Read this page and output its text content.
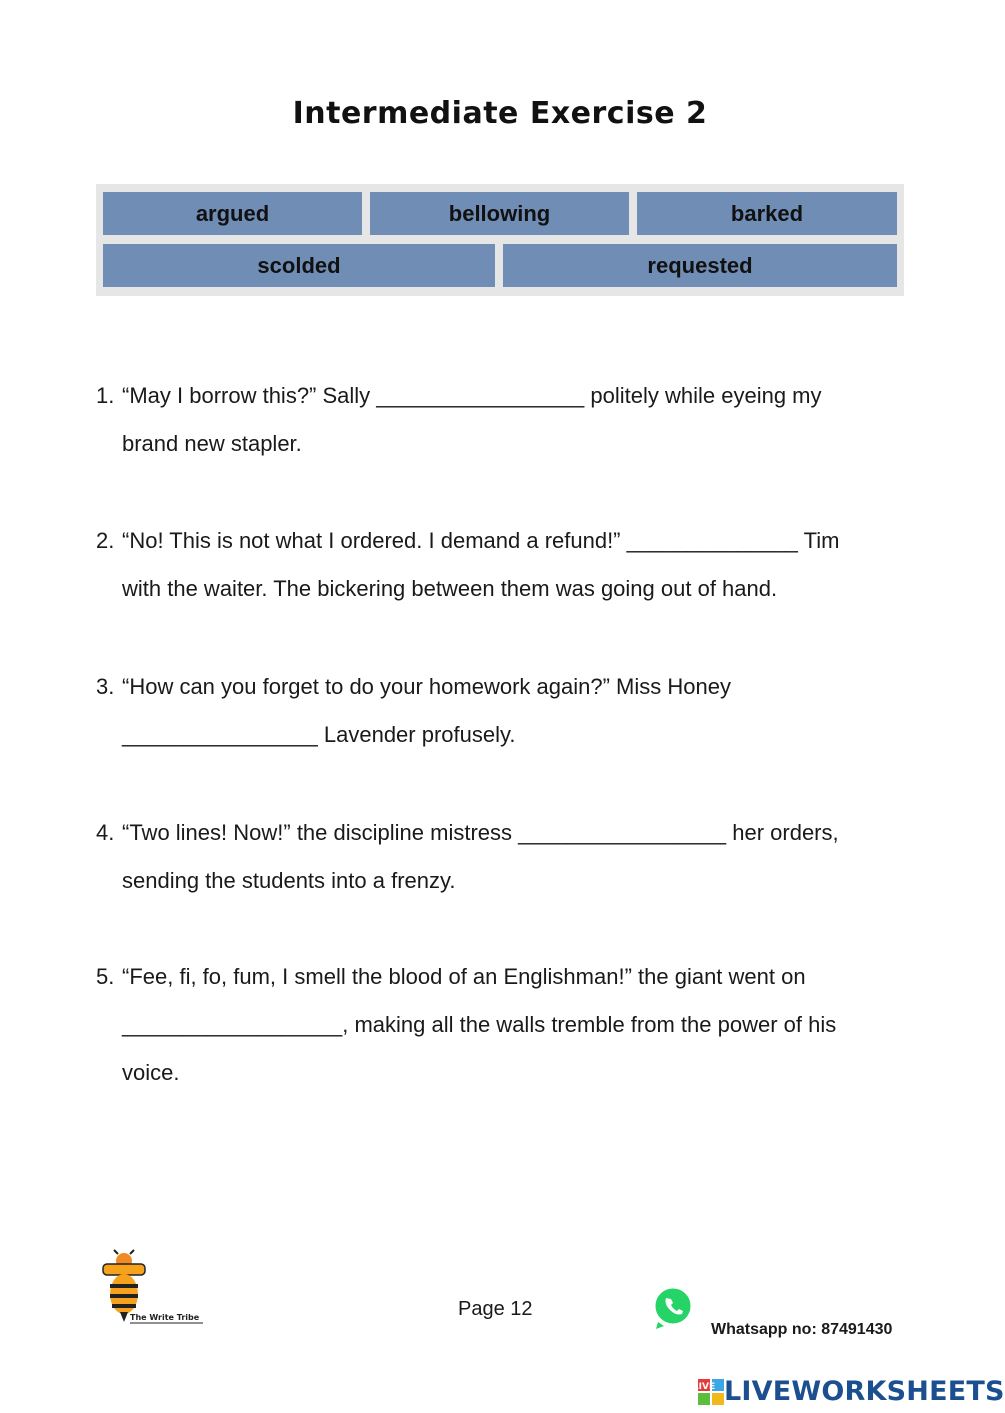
Intermediate Exercise 2
argued	bellowing	barked
scolded	requested
1. “May I borrow this?” Sally _________________ politely while eyeing my
brand new stapler.
2. “No! This is not what I ordered. I demand a refund!” ______________ Tim
with the waiter. The bickering between them was going out of hand.
3. “How can you forget to do your homework again?” Miss Honey
________________ Lavender profusely.
4. “Two lines! Now!” the discipline mistress _________________ her orders,
sending the students into a frenzy.
5. “Fee, fi, fo, fum, I smell the blood of an Englishman!” the giant went on
__________________, making all the walls tremble from the power of his
voice.
The Write Tribe	Page 12
Whatsapp no: 87491430
LIVE LIVEWORKSHEETS
